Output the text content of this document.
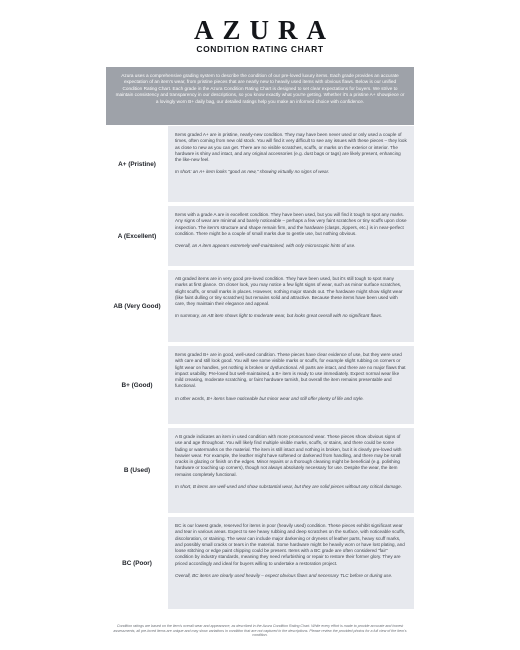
AZURA
CONDITION RATING CHART
Azura uses a comprehensive grading system to describe the condition of our pre-loved luxury items. Each grade provides an accurate expectation of an item's wear, from pristine pieces that are nearly new to heavily used items with obvious flaws. Below is our unified Condition Rating Chart. Each grade in the Azura Condition Rating Chart is designed to set clear expectations for buyers. We strive to maintain consistency and transparency in our descriptions, so you know exactly what you're getting. Whether it's a pristine A+ showpiece or a lovingly worn B+ daily bag, our detailed ratings help you make an informed choice with confidence.
A+ (Pristine)

Items graded A+ are in pristine, nearly-new condition. They may have been never used or only used a couple of times, often coming from new old stock. You will find it very difficult to see any issues with these pieces – they look as close to new as you can get. There are no visible scratches, scuffs, or marks on the exterior or interior. The hardware is shiny and intact, and any original accessories (e.g. dust bags or tags) are likely present, enhancing the like-new feel.

In short: an A+ item looks "good as new," showing virtually no signs of wear.

A (Excellent)

Items with a grade A are in excellent condition. They have been used, but you will find it tough to spot any marks. Any signs of wear are minimal and barely noticeable – perhaps a few very faint scratches or tiny scuffs upon close inspection. The item's structure and shape remain firm, and the hardware (clasps, zippers, etc.) is in near-perfect condition. There might be a couple of small marks due to gentle use, but nothing obvious.

Overall, an A item appears extremely well-maintained, with only microscopic hints of use.

AB (Very Good)

AB graded items are in very good pre-loved condition. They have been used, but it's still tough to spot many marks at first glance. On closer look, you may notice a few light signs of wear, such as minor surface scratches, slight scuffs, or small marks in places. However, nothing major stands out. The hardware might show slight wear (like faint dulling or tiny scratches) but remains solid and attractive. Because these items have been used with care, they maintain their elegance and appeal.

In summary, an AB item shows light to moderate wear, but looks great overall with no significant flaws.

B+ (Good)

Items graded B+ are in good, well-used condition. These pieces have clear evidence of use, but they were used with care and still look good. You will see some visible marks or scuffs, for example slight rubbing on corners or light wear on handles, yet nothing is broken or dysfunctional. All parts are intact, and there are no major flaws that impact usability. Pre-loved but well-maintained, a B+ item is ready to use immediately. Expect normal wear like mild creasing, moderate scratching, or faint hardware tarnish, but overall the item remains presentable and functional.

In other words, B+ items have noticeable but minor wear and still offer plenty of life and style.

B (Used)

A B grade indicates an item in used condition with more pronounced wear. These pieces show obvious signs of use and age throughout. You will likely find multiple visible marks, scuffs, or stains, and there could be some fading or watermarks on the material. The item is still intact and nothing is broken, but it is clearly pre-loved with heavier wear. For example, the leather might have softened or darkened from handling, and there may be small cracks in glazing or finish on the edges. Minor repairs or a thorough cleaning might be beneficial (e.g. polishing hardware or touching up corners), though not always absolutely necessary for use. Despite the wear, the item remains completely functional.

In short, B items are well-used and show substantial wear, but they are solid pieces without any critical damage.

BC (Poor)

BC is our lowest grade, reserved for items in poor (heavily used) condition. These pieces exhibit significant wear and tear in various areas. Expect to see heavy rubbing and deep scratches on the surface, with noticeable scuffs, discoloration, or staining. The wear can include major darkening or dryness of leather parts, heavy scuff marks, and possibly small cracks or tears in the material. Some hardware might be heavily worn or have lost plating, and loose stitching or edge paint chipping could be present. Items with a BC grade are often considered "fair" condition by industry standards, meaning they need refurbishing or repair to restore their former glory. They are priced accordingly and ideal for buyers willing to undertake a restoration project.

Overall, BC items are clearly used heavily – expect obvious flaws and necessary TLC before or during use.

Condition ratings are based on the item's overall wear and appearance, as described in the Azura Condition Rating Chart. While every effort is made to provide accurate and honest assessments, all pre-loved items are unique and may show variations in condition that are not captured in the descriptions. Please review the provided photos for a full view of the item's condition.
